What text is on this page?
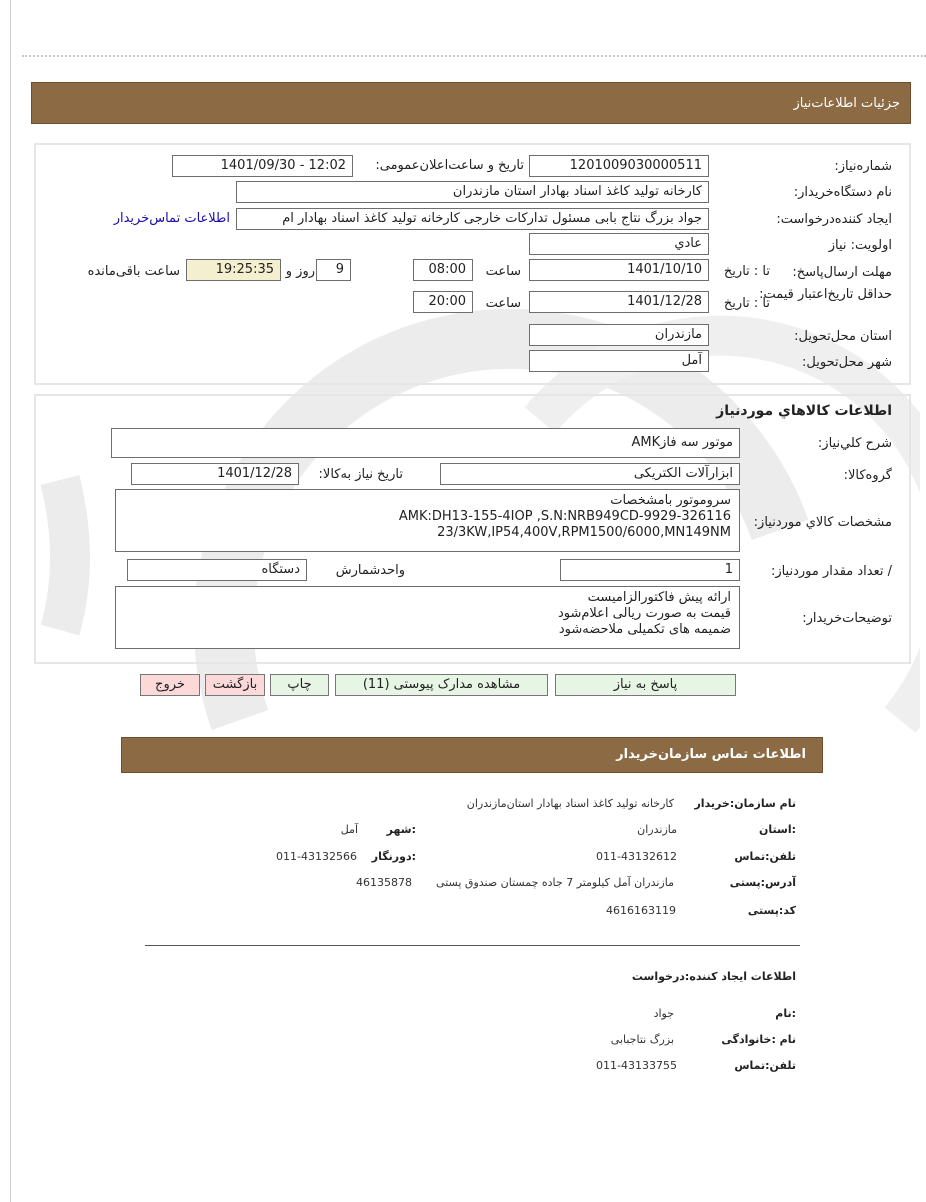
جزئیات اطلاعات‌نیاز
شماره‌نیاز:
1201009030000511
تاریخ و ساعت‌اعلان‌عمومی:
1401/09/30 - 12:02
نام دستگاه‌خریدار:
کارخانه تولید کاغذ اسناد بهادار استان مازندران
ایجاد کننده‌درخواست:
جواد بزرگ نتاج بابی مسئول تدارکات خارجی کارخانه تولید کاغذ اسناد بهادار ام
اطلاعات تماس‌خریدار
اولویت: نیاز
عادي
مهلت ارسال‌پاسخ:
تا : تاریخ
1401/10/10
ساعت
08:00
9
روز و
19:25:35
ساعت باقی‌مانده
حداقل تاریخ‌اعتبار قیمت:
تا : تاریخ
1401/12/28
ساعت
20:00
استان محل‌تحویل:
مازندران
شهر محل‌تحویل:
آمل
اطلاعات کالاهاي موردنیاز
شرح کلي‌نیاز:
موتور سه فازAMK
گروه‌کالا:
ابزارآلات الکتریکی
تاریخ نیاز به‌کالا:
1401/12/28
مشخصات کالاي مورد‌نیاز:
سروموتور بامشخصات
AMK:DH13-155-4IOP ,S.N:NRB949CD-9929-326116
23/3KW,IP54,400V,RPM1500/6000,MN149NM
/ تعداد مقدار مورد‌نیاز:
1
واحد‌شمارش
دستگاه
توضیحات‌خریدار:
ارائه پیش فاکتورالزامیست
قیمت به صورت ریالی اعلام‌شود
ضمیمه های تکمیلی ملاحضه‌شود
پاسخ به نیاز
مشاهده مدارک پیوستی (11)
چاپ
بازگشت
خروج
اطلاعات تماس سازمان‌خریدار
نام سازمان:خریدار
کارخانه تولید کاغذ اسناد بهادار استان‌مازندران
:استان
مازندران
:شهر
آمل
تلفن:تماس
011-43132612
:دورنگار
011-43132566
آدرس:پستی
مازندران آمل کیلومتر 7 جاده چمستان صندوق پستی
46135878
کد:پستی
4616163119
اطلاعات ایجاد کننده:درخواست
:نام
جواد
نام :خانوادگی
بزرگ نتاجبابی
تلفن:تماس
011-43133755
